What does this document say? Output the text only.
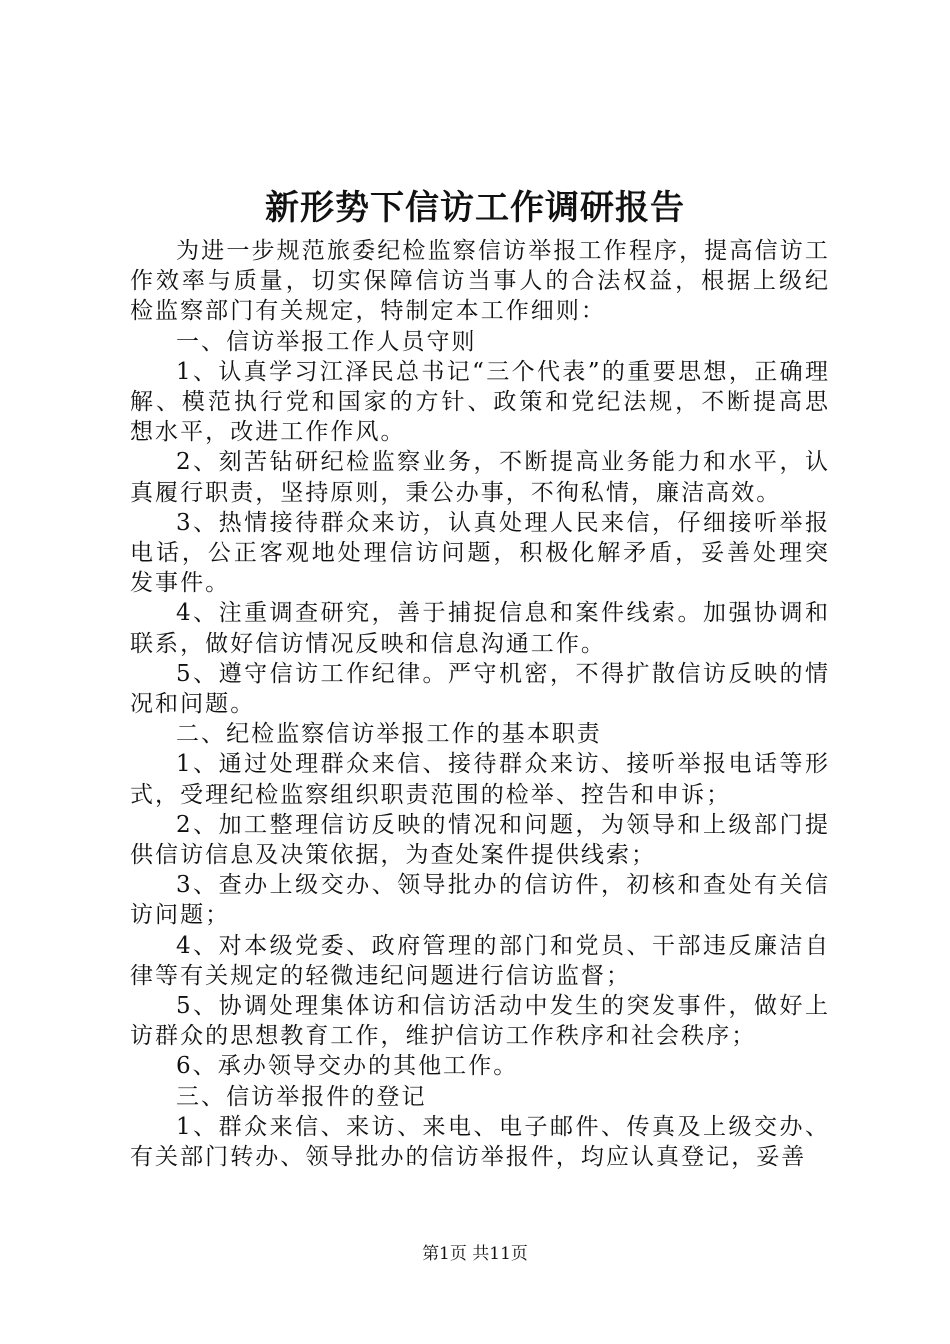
新形势下信访工作调研报告

为进一步规范旅委纪检监察信访举报工作程序，提高信访工作效率与质量，切实保障信访当事人的合法权益，根据上级纪检监察部门有关规定，特制定本工作细则：

一、信访举报工作人员守则

1、认真学习江泽民总书记“三个代表”的重要思想，正确理解、模范执行党和国家的方针、政策和党纪法规，不断提高思想水平，改进工作作风。

2、刻苦钻研纪检监察业务，不断提高业务能力和水平，认真履行职责，坚持原则，秉公办事，不徇私情，廉洁高效。

3、热情接待群众来访，认真处理人民来信，仔细接听举报电话，公正客观地处理信访问题，积极化解矛盾，妥善处理突发事件。

4、注重调查研究，善于捕捉信息和案件线索。加强协调和联系，做好信访情况反映和信息沟通工作。

5、遵守信访工作纪律。严守机密，不得扩散信访反映的情况和问题。

二、纪检监察信访举报工作的基本职责

1、通过处理群众来信、接待群众来访、接听举报电话等形式，受理纪检监察组织职责范围的检举、控告和申诉；

2、加工整理信访反映的情况和问题，为领导和上级部门提供信访信息及决策依据，为查处案件提供线索；

3、查办上级交办、领导批办的信访件，初核和查处有关信访问题；

4、对本级党委、政府管理的部门和党员、干部违反廉洁自律等有关规定的轻微违纪问题进行信访监督；

5、协调处理集体访和信访活动中发生的突发事件，做好上访群众的思想教育工作，维护信访工作秩序和社会秩序；

6、承办领导交办的其他工作。

三、信访举报件的登记

1、群众来信、来访、来电、电子邮件、传真及上级交办、有关部门转办、领导批办的信访举报件，均应认真登记，妥善

第1页 共11页
